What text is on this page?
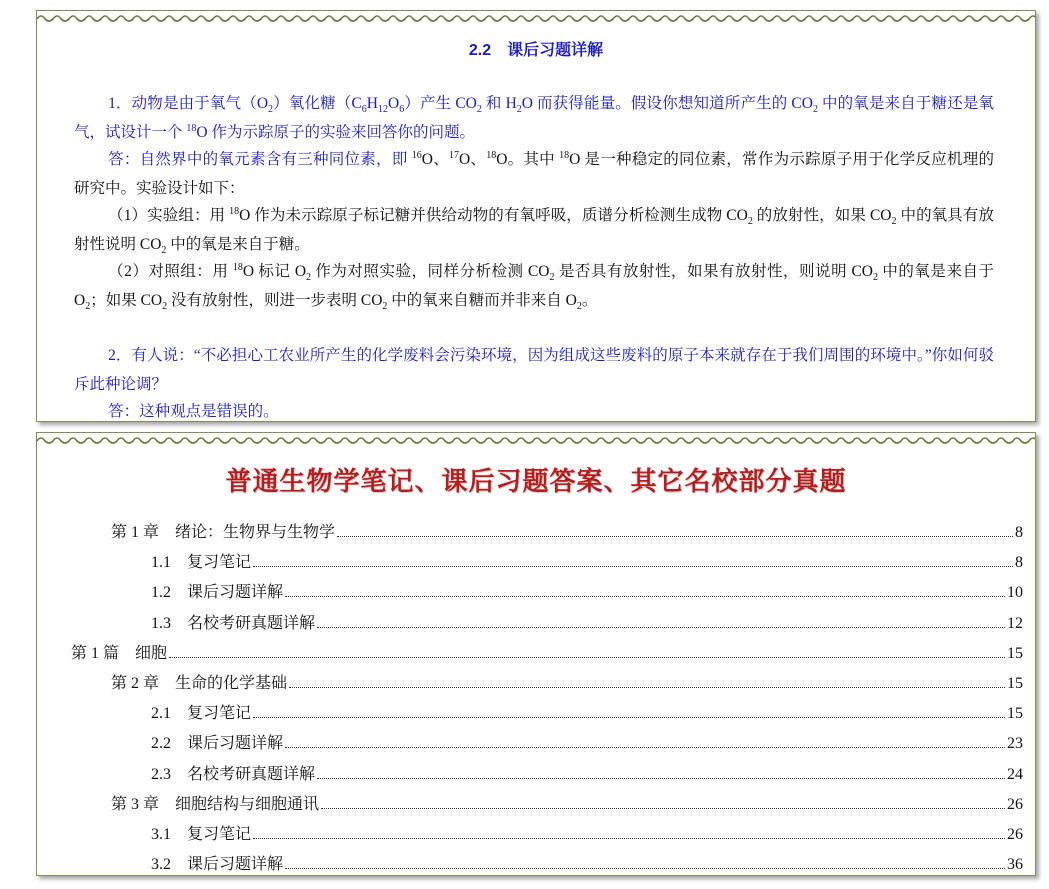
2.2　课后习题详解
1．动物是由于氧气$(O_2)$氧化糖$(C_6H_{12}O_6)$产生 $CO_2$ 和 $H_2O$ 而获得能量。假设你想知道所产生的 $CO_2$ 中的氧是来自于糖还是氧气，试设计一个 $^{18}$O 作为示踪原子的实验来回答你的问题。
答：自然界中的氧元素含有三种同位素，即 $^{16}$O、$^{17}$O、$^{18}$O。其中 $^{18}$O 是一种稳定的同位素，常作为示踪原子用于化学反应机理的研究中。实验设计如下：
（1）实验组：用 $^{18}$O 作为未示踪原子标记糖并供给动物的有氧呼吸，质谱分析检测生成物 $CO_2$ 的放射性，如果 $CO_2$ 中的氧具有放射性说明 $CO_2$ 中的氧是来自于糖。
（2）对照组：用 $^{18}$O 标记 $O_2$ 作为对照实验，同样分析检测 $CO_2$ 是否具有放射性，如果有放射性，则说明 $CO_2$ 中的氧是来自于 $O_2$；如果 $CO_2$ 没有放射性，则进一步表明 $CO_2$ 中的氧来自糖而并非来自 $O_2$。
2．有人说：“不必担心工农业所产生的化学废料会污染环境，因为组成这些废料的原子本来就存在于我们周围的环境中。”你如何驳斥此种论调？
答：这种观点是错误的。
普通生物学笔记、课后习题答案、其它名校部分真题
第 1 章　 绪论：生物界与生物学	8
1.1　 复习笔记	8
1.2　 课后习题详解	10
1.3　 名校考研真题详解	12
第 1 篇　 细胞	15
第 2 章　 生命的化学基础	15
2.1　 复习笔记	15
2.2　 课后习题详解	23
2.3　 名校考研真题详解	24
第 3 章　 细胞结构与细胞通讯	26
3.1　 复习笔记	26
3.2　 课后习题详解	36
